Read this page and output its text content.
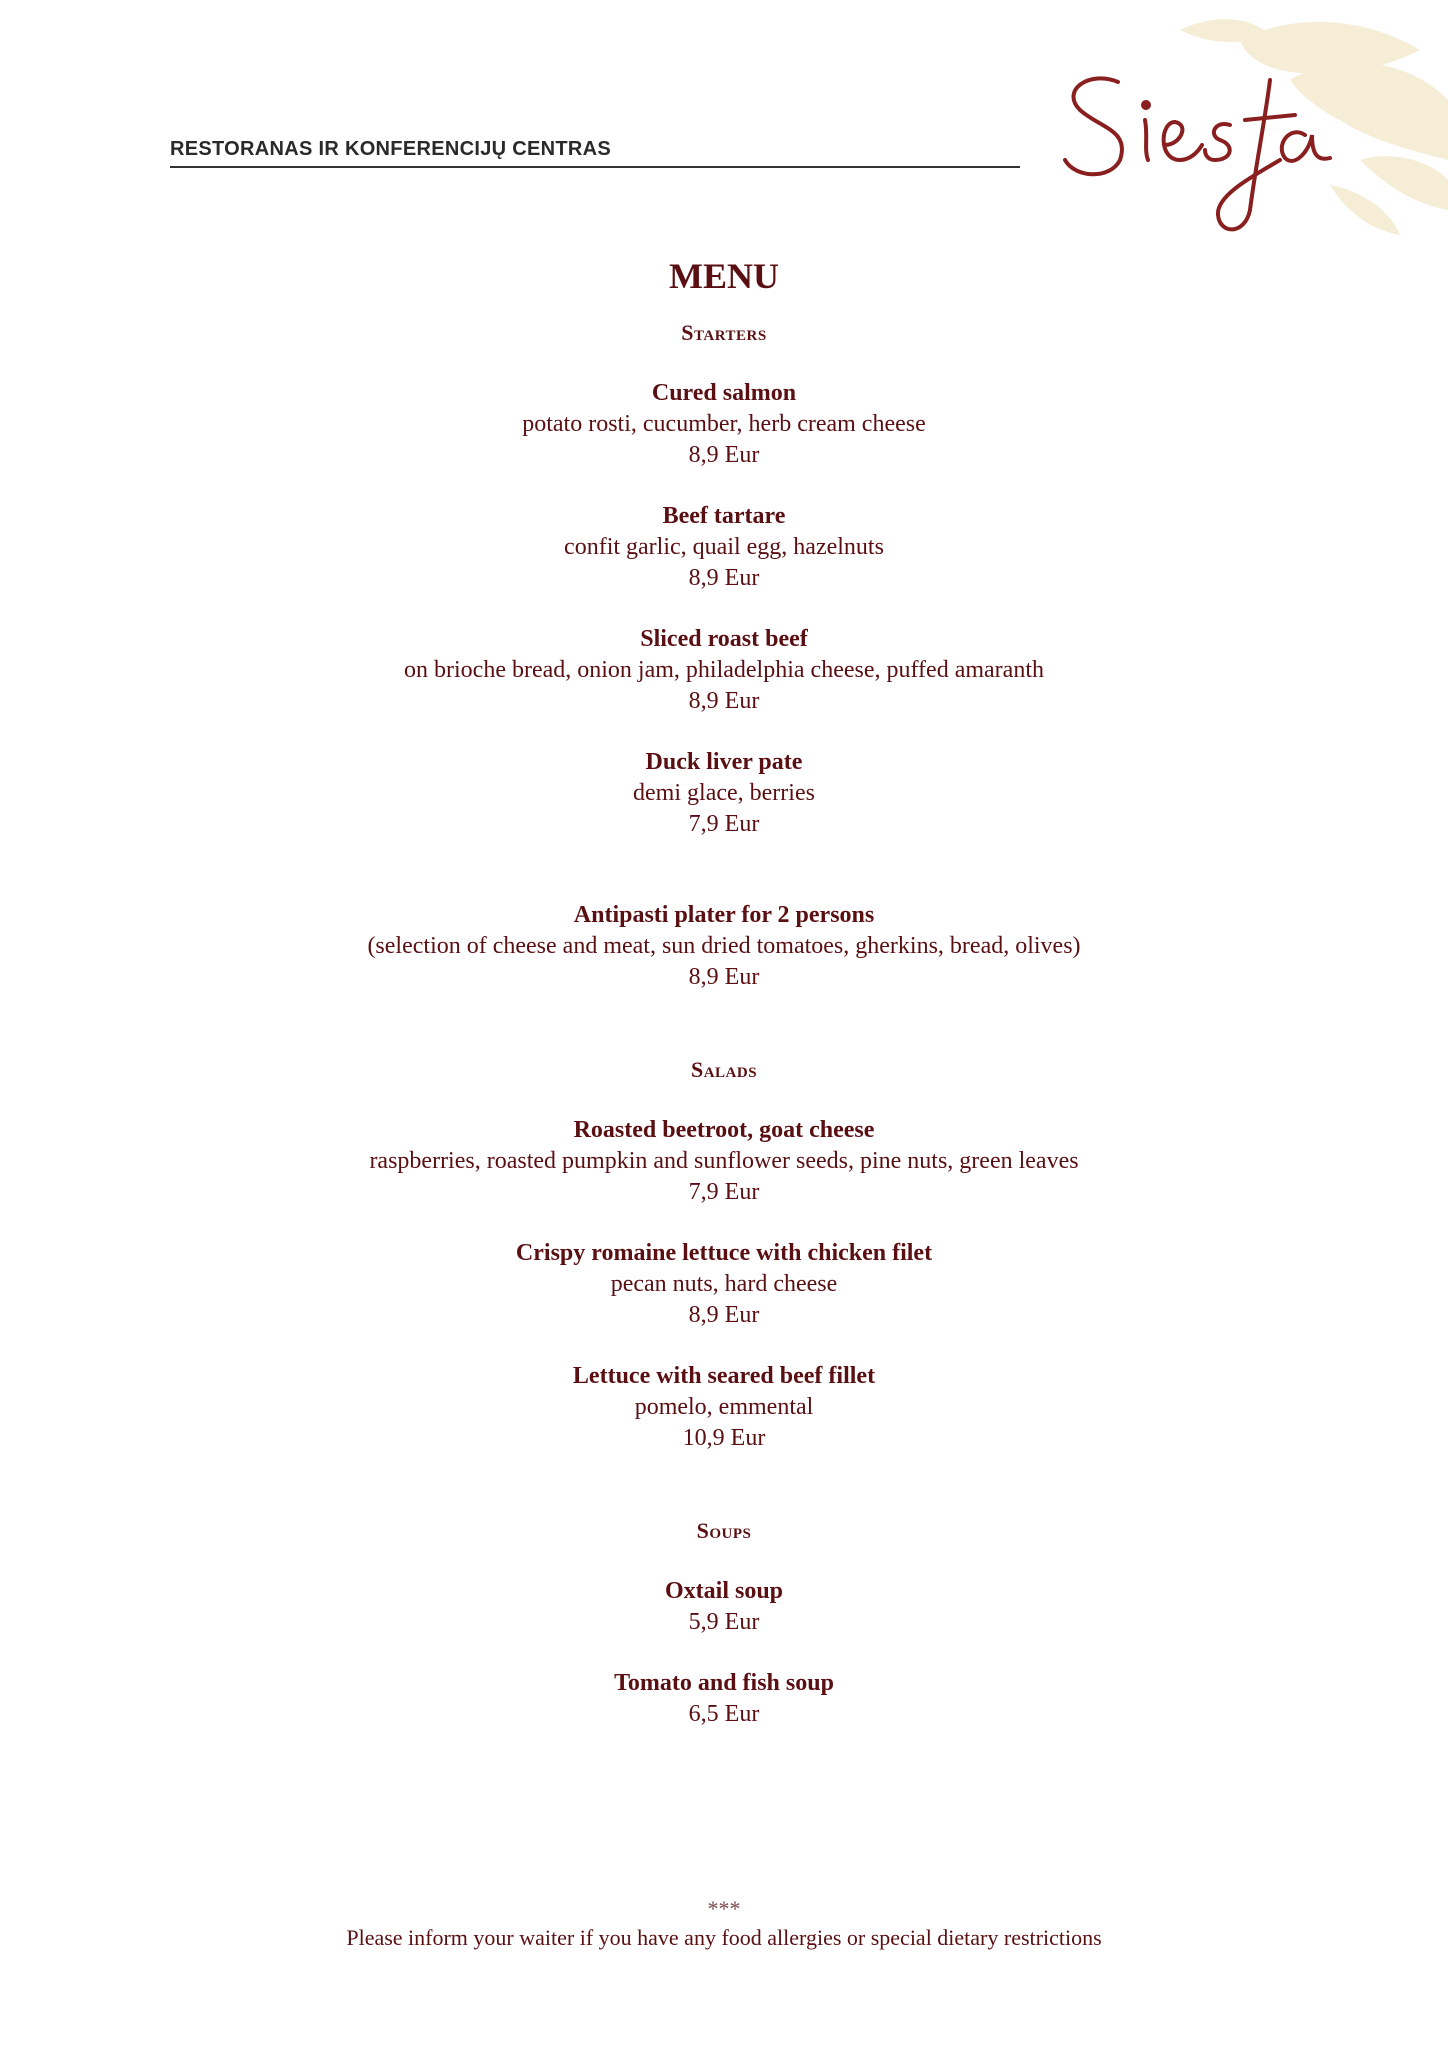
RESTORANAS IR KONFERENCIJŲ CENTRAS
MENU
Starters
Cured salmon
potato rosti, cucumber, herb cream cheese
8,9 Eur
Beef tartare
confit garlic, quail egg, hazelnuts
8,9 Eur
Sliced roast beef
on brioche bread, onion jam, philadelphia cheese, puffed amaranth
8,9 Eur
Duck liver pate
demi glace, berries
7,9 Eur
Antipasti plater for 2 persons
(selection of cheese and meat, sun dried tomatoes, gherkins, bread, olives)
8,9 Eur
Salads
Roasted beetroot, goat cheese
raspberries, roasted pumpkin and sunflower seeds, pine nuts, green leaves
7,9 Eur
Crispy romaine lettuce with chicken filet
pecan nuts, hard cheese
8,9 Eur
Lettuce with seared beef fillet
pomelo, emmental
10,9 Eur
Soups
Oxtail soup
5,9 Eur
Tomato and fish soup
6,5 Eur
***
Please inform your waiter if you have any food allergies or special dietary restrictions
